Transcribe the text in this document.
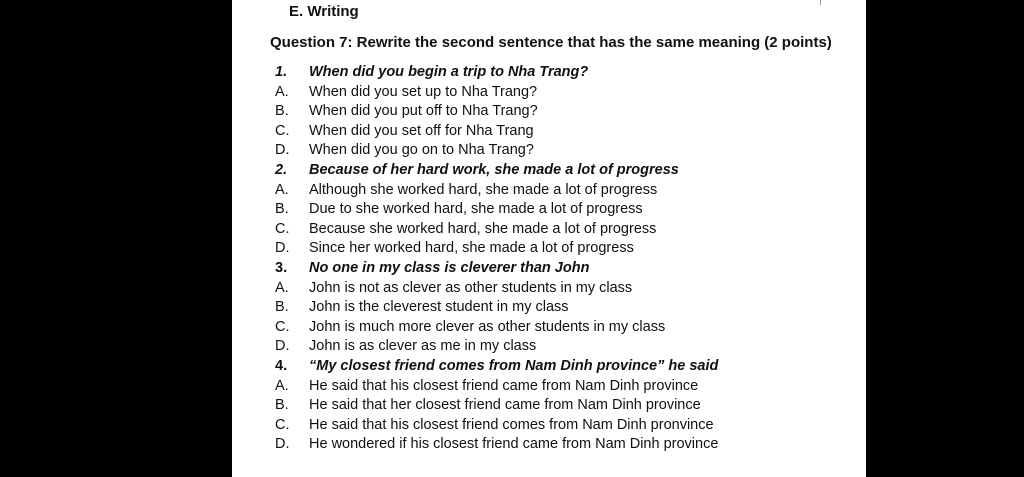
E. Writing
Question 7: Rewrite the second sentence that has the same meaning (2 points)
1.	When did you begin a trip to Nha Trang?
A.	When did you set up to Nha Trang?
B.	When did you put off to Nha Trang?
C.	When did you set off for Nha Trang
D.	When did you go on to Nha Trang?
2.	Because of her hard work, she made a lot of progress
A.	Although she worked hard, she made a lot of progress
B.	Due to she worked hard, she made a lot of progress
C.	Because she worked hard, she made a lot of progress
D.	Since her worked hard, she made a lot of progress
3.	No one in my class is cleverer than John
A.	John is not as clever as other students in my class
B.	John is the cleverest student in my class
C.	John is much more clever as other students in my class
D.	John is as clever as me in my class
4.	“My closest friend comes from Nam Dinh province” he said
A.	He said that his closest friend came from Nam Dinh province
B.	He said that her closest friend came from Nam Dinh province
C.	He said that his closest friend comes from Nam Dinh pronvince
D.	He wondered if his closest friend came from Nam Dinh province
